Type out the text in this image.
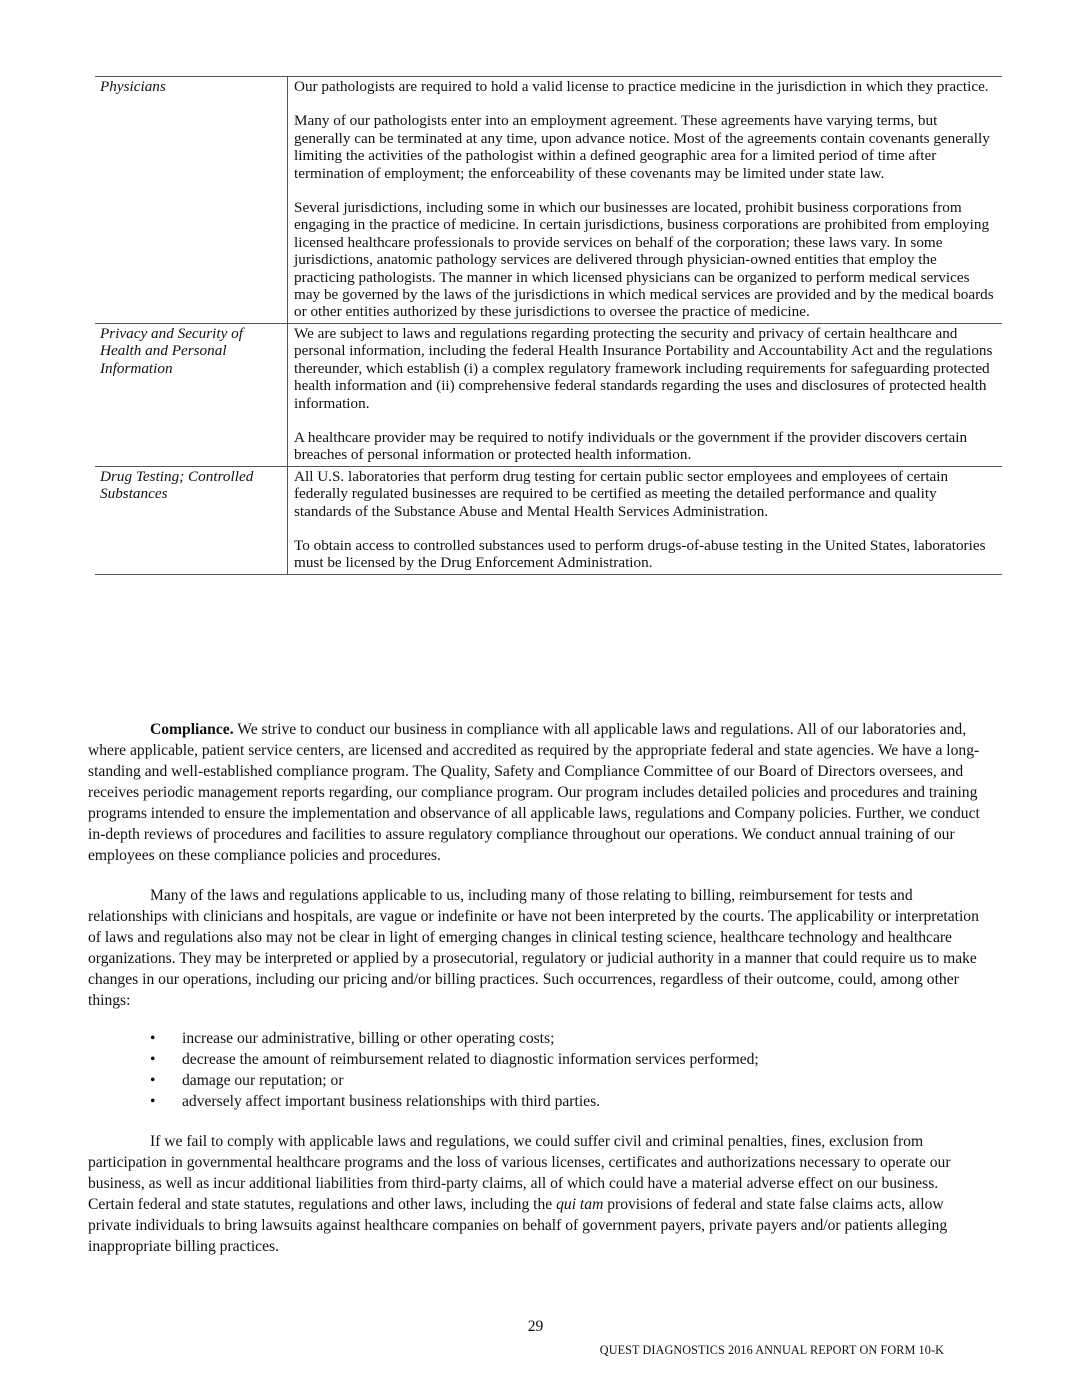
Physicians	Our pathologists are required to hold a valid license to practice medicine in the jurisdiction in which they practice.

Many of our pathologists enter into an employment agreement. These agreements have varying terms, but generally can be terminated at any time, upon advance notice. Most of the agreements contain covenants generally limiting the activities of the pathologist within a defined geographic area for a limited period of time after termination of employment; the enforceability of these covenants may be limited under state law.

Several jurisdictions, including some in which our businesses are located, prohibit business corporations from engaging in the practice of medicine. In certain jurisdictions, business corporations are prohibited from employing licensed healthcare professionals to provide services on behalf of the corporation; these laws vary. In some jurisdictions, anatomic pathology services are delivered through physician-owned entities that employ the practicing pathologists. The manner in which licensed physicians can be organized to perform medical services may be governed by the laws of the jurisdictions in which medical services are provided and by the medical boards or other entities authorized by these jurisdictions to oversee the practice of medicine.

Privacy and Security of Health and Personal Information	We are subject to laws and regulations regarding protecting the security and privacy of certain healthcare and personal information, including the federal Health Insurance Portability and Accountability Act and the regulations thereunder, which establish (i) a complex regulatory framework including requirements for safeguarding protected health information and (ii) comprehensive federal standards regarding the uses and disclosures of protected health information.

A healthcare provider may be required to notify individuals or the government if the provider discovers certain breaches of personal information or protected health information.

Drug Testing; Controlled Substances	All U.S. laboratories that perform drug testing for certain public sector employees and employees of certain federally regulated businesses are required to be certified as meeting the detailed performance and quality standards of the Substance Abuse and Mental Health Services Administration.

To obtain access to controlled substances used to perform drugs-of-abuse testing in the United States, laboratories must be licensed by the Drug Enforcement Administration.

Compliance. We strive to conduct our business in compliance with all applicable laws and regulations. All of our laboratories and, where applicable, patient service centers, are licensed and accredited as required by the appropriate federal and state agencies. We have a long-standing and well-established compliance program. The Quality, Safety and Compliance Committee of our Board of Directors oversees, and receives periodic management reports regarding, our compliance program. Our program includes detailed policies and procedures and training programs intended to ensure the implementation and observance of all applicable laws, regulations and Company policies. Further, we conduct in-depth reviews of procedures and facilities to assure regulatory compliance throughout our operations. We conduct annual training of our employees on these compliance policies and procedures.

Many of the laws and regulations applicable to us, including many of those relating to billing, reimbursement for tests and relationships with clinicians and hospitals, are vague or indefinite or have not been interpreted by the courts. The applicability or interpretation of laws and regulations also may not be clear in light of emerging changes in clinical testing science, healthcare technology and healthcare organizations. They may be interpreted or applied by a prosecutorial, regulatory or judicial authority in a manner that could require us to make changes in our operations, including our pricing and/or billing practices. Such occurrences, regardless of their outcome, could, among other things:

• increase our administrative, billing or other operating costs;
• decrease the amount of reimbursement related to diagnostic information services performed;
• damage our reputation; or
• adversely affect important business relationships with third parties.

If we fail to comply with applicable laws and regulations, we could suffer civil and criminal penalties, fines, exclusion from participation in governmental healthcare programs and the loss of various licenses, certificates and authorizations necessary to operate our business, as well as incur additional liabilities from third-party claims, all of which could have a material adverse effect on our business. Certain federal and state statutes, regulations and other laws, including the qui tam provisions of federal and state false claims acts, allow private individuals to bring lawsuits against healthcare companies on behalf of government payers, private payers and/or patients alleging inappropriate billing practices.

29
QUEST DIAGNOSTICS 2016 ANNUAL REPORT ON FORM 10-K
